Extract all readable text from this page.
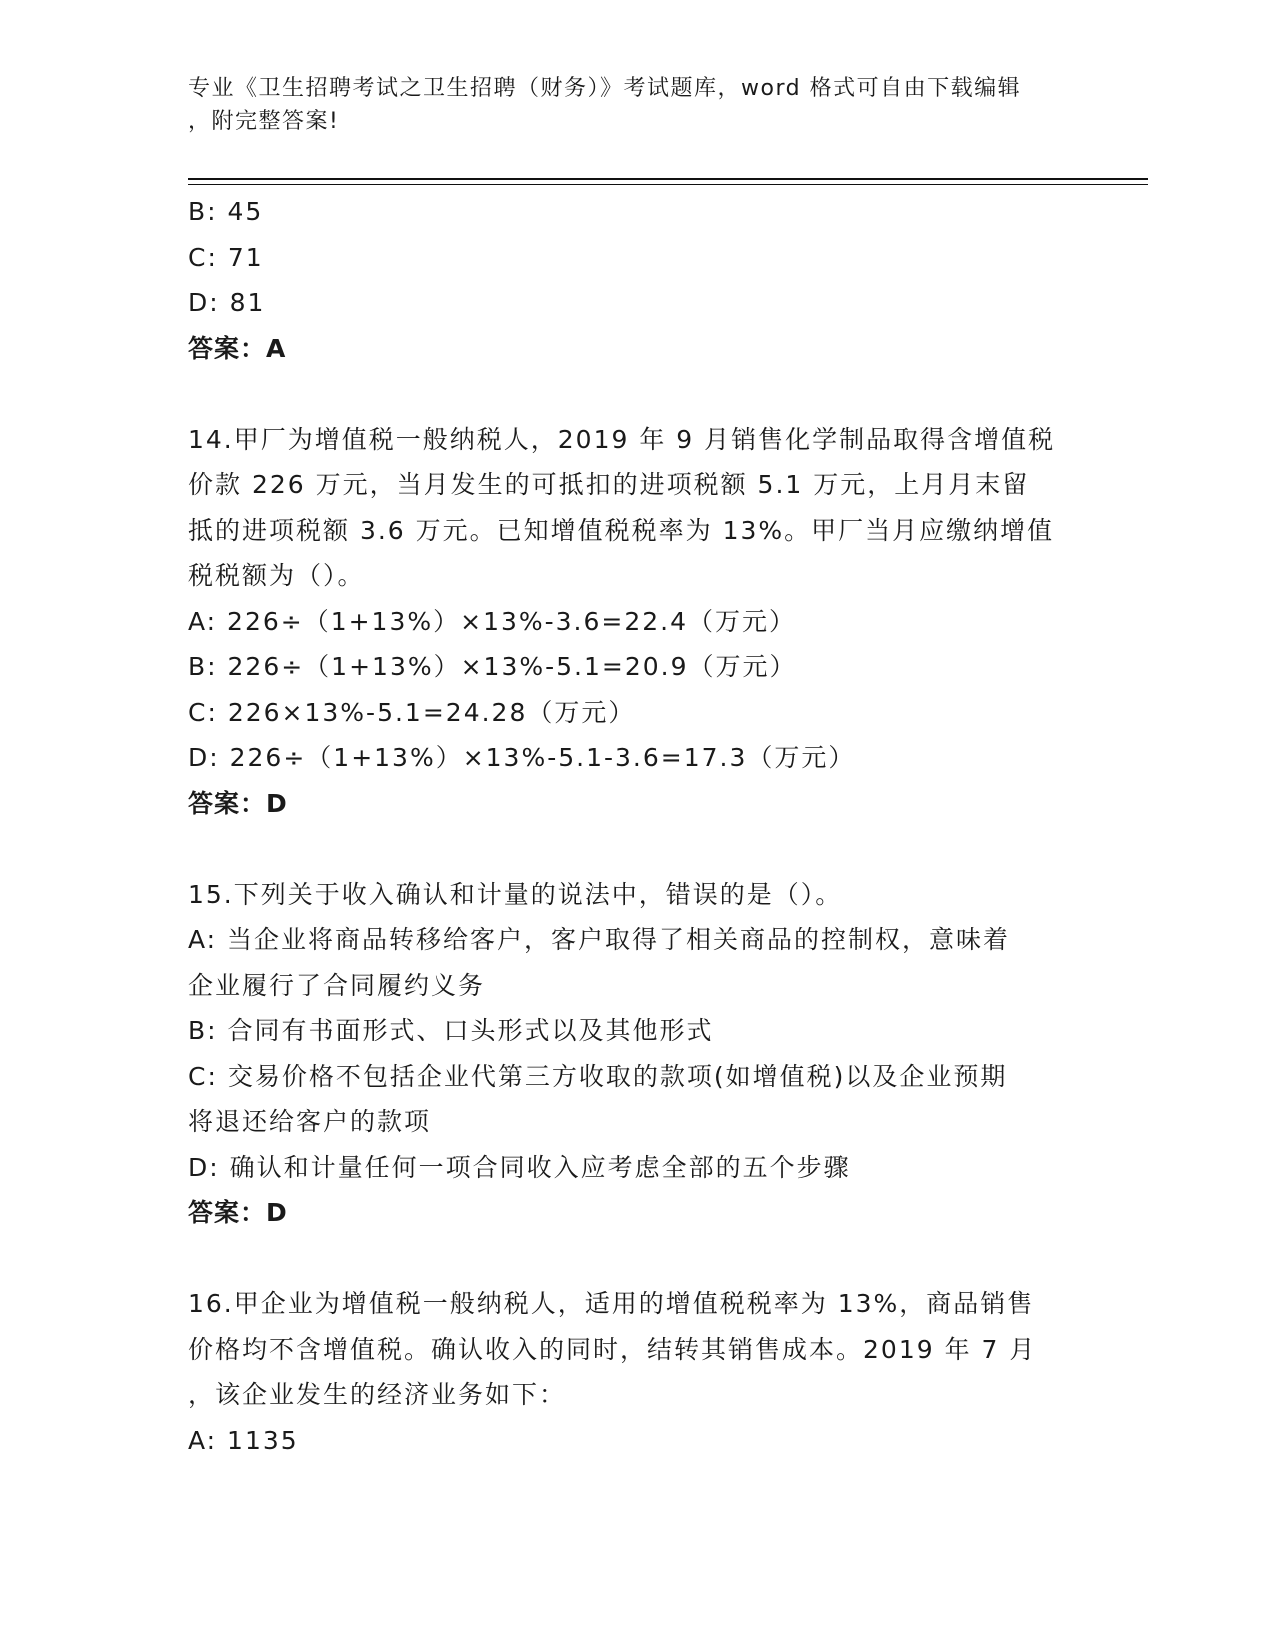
专业《卫生招聘考试之卫生招聘（财务）》考试题库，word 格式可自由下载编辑
，附完整答案!

B: 45

C: 71

D: 81

答案：A

14.甲厂为增值税一般纳税人，2019 年 9 月销售化学制品取得含增值税

价款 226 万元，当月发生的可抵扣的进项税额 5.1 万元，上月月末留

抵的进项税额 3.6 万元。已知增值税税率为 13%。甲厂当月应缴纳增值

税税额为（）。

A: 226÷（1+13%）×13%-3.6=22.4（万元）

B: 226÷（1+13%）×13%-5.1=20.9（万元）

C: 226×13%-5.1=24.28（万元）

D: 226÷（1+13%）×13%-5.1-3.6=17.3（万元）

答案：D

15.下列关于收入确认和计量的说法中，错误的是（）。

A: 当企业将商品转移给客户，客户取得了相关商品的控制权，意味着

企业履行了合同履约义务

B: 合同有书面形式、口头形式以及其他形式

C: 交易价格不包括企业代第三方收取的款项(如增值税)以及企业预期

将退还给客户的款项

D: 确认和计量任何一项合同收入应考虑全部的五个步骤

答案：D

16.甲企业为增值税一般纳税人，适用的增值税税率为 13%，商品销售

价格均不含增值税。确认收入的同时，结转其销售成本。2019 年 7 月

，该企业发生的经济业务如下：

A: 1135
